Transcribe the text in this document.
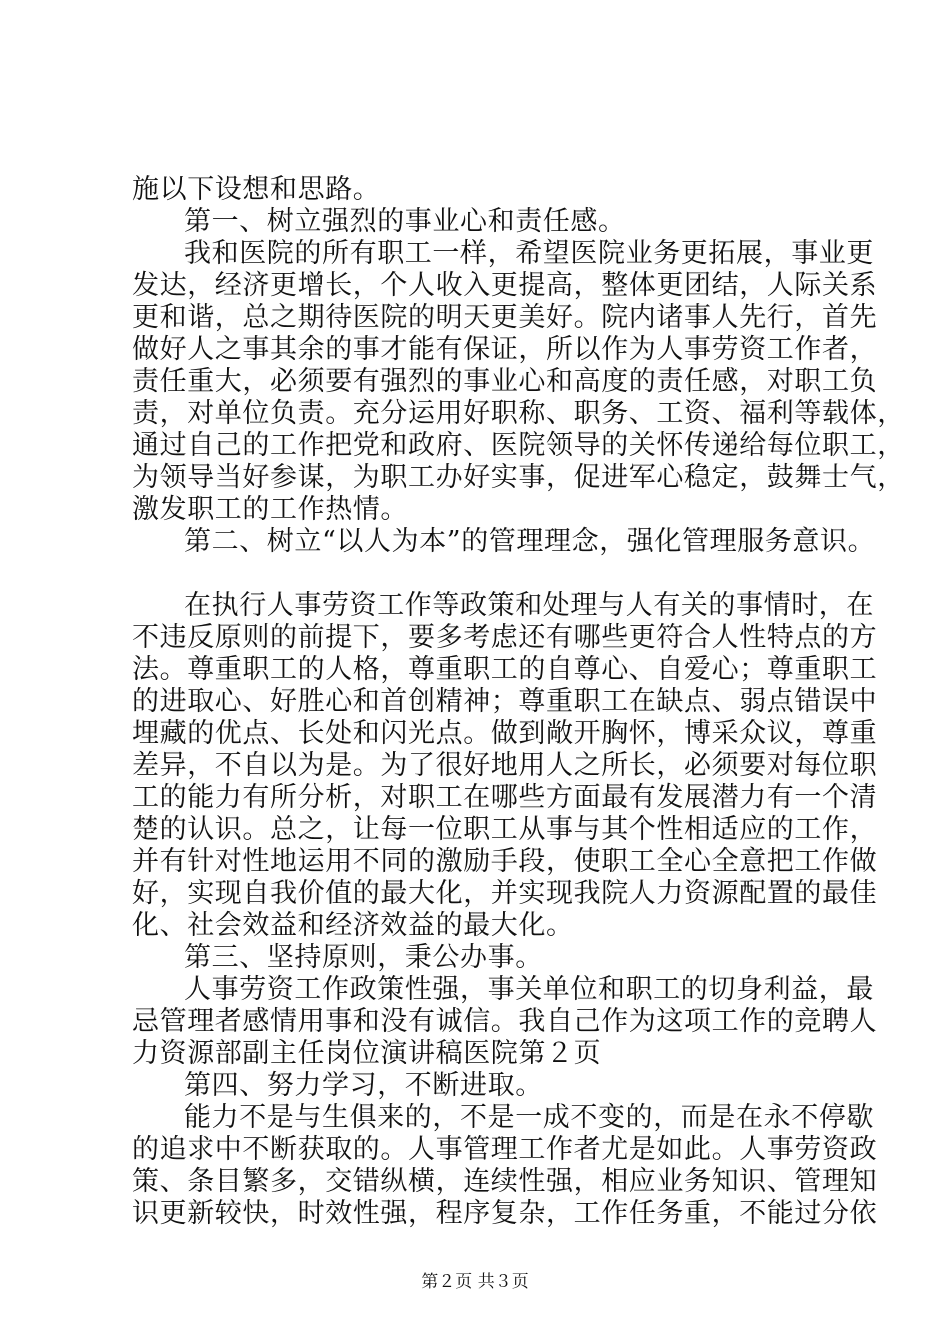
施以下设想和思路。
第一、树立强烈的事业心和责任感。
我和医院的所有职工一样，希望医院业务更拓展，事业更
发达，经济更增长，个人收入更提高，整体更团结，人际关系
更和谐，总之期待医院的明天更美好。院内诸事人先行，首先
做好人之事其余的事才能有保证，所以作为人事劳资工作者，
责任重大，必须要有强烈的事业心和高度的责任感，对职工负
责，对单位负责。充分运用好职称、职务、工资、福利等载体，
通过自己的工作把党和政府、医院领导的关怀传递给每位职工，
为领导当好参谋，为职工办好实事，促进军心稳定，鼓舞士气，
激发职工的工作热情。
第二、树立“以人为本”的管理理念，强化管理服务意识。
在执行人事劳资工作等政策和处理与人有关的事情时，在
不违反原则的前提下，要多考虑还有哪些更符合人性特点的方
法。尊重职工的人格，尊重职工的自尊心、自爱心；尊重职工
的进取心、好胜心和首创精神；尊重职工在缺点、弱点错误中
埋藏的优点、长处和闪光点。做到敞开胸怀，博采众议，尊重
差异，不自以为是。为了很好地用人之所长，必须要对每位职
工的能力有所分析，对职工在哪些方面最有发展潜力有一个清
楚的认识。总之，让每一位职工从事与其个性相适应的工作，
并有针对性地运用不同的激励手段，使职工全心全意把工作做
好，实现自我价值的最大化，并实现我院人力资源配置的最佳
化、社会效益和经济效益的最大化。
第三、坚持原则，秉公办事。
人事劳资工作政策性强，事关单位和职工的切身利益，最
忌管理者感情用事和没有诚信。我自己作为这项工作的竞聘人
力资源部副主任岗位演讲稿医院第２页
第四、努力学习，不断进取。
能力不是与生俱来的，不是一成不变的，而是在永不停歇
的追求中不断获取的。人事管理工作者尤是如此。人事劳资政
策、条目繁多，交错纵横，连续性强，相应业务知识、管理知
识更新较快，时效性强，程序复杂，工作任务重，不能过分依
第２页 共３页
